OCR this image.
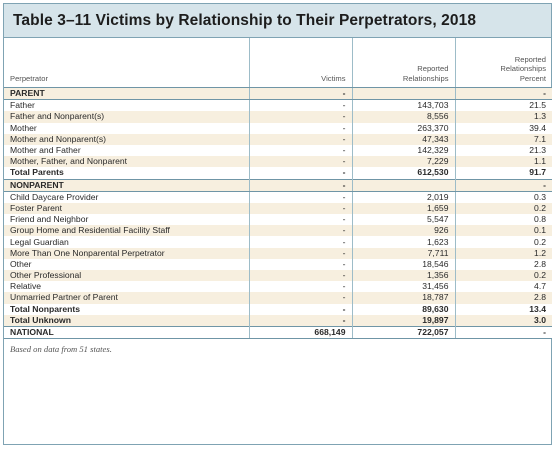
Table 3–11 Victims by Relationship to Their Perpetrators, 2018
Perpetrator	Victims	Reported Relationships	Reported Relationships Percent
PARENT	-		-
Father	-	143,703	21.5
Father and Nonparent(s)	-	8,556	1.3
Mother	-	263,370	39.4
Mother and Nonparent(s)	-	47,343	7.1
Mother and Father	-	142,329	21.3
Mother, Father, and Nonparent	-	7,229	1.1
Total Parents	-	612,530	91.7
NONPARENT	-		-
Child Daycare Provider	-	2,019	0.3
Foster Parent	-	1,659	0.2
Friend and Neighbor	-	5,547	0.8
Group Home and Residential Facility Staff	-	926	0.1
Legal Guardian	-	1,623	0.2
More Than One Nonparental Perpetrator	-	7,711	1.2
Other	-	18,546	2.8
Other Professional	-	1,356	0.2
Relative	-	31,456	4.7
Unmarried Partner of Parent	-	18,787	2.8
Total Nonparents	-	89,630	13.4
Total Unknown	-	19,897	3.0
NATIONAL	668,149	722,057	-
Based on data from 51 states.
